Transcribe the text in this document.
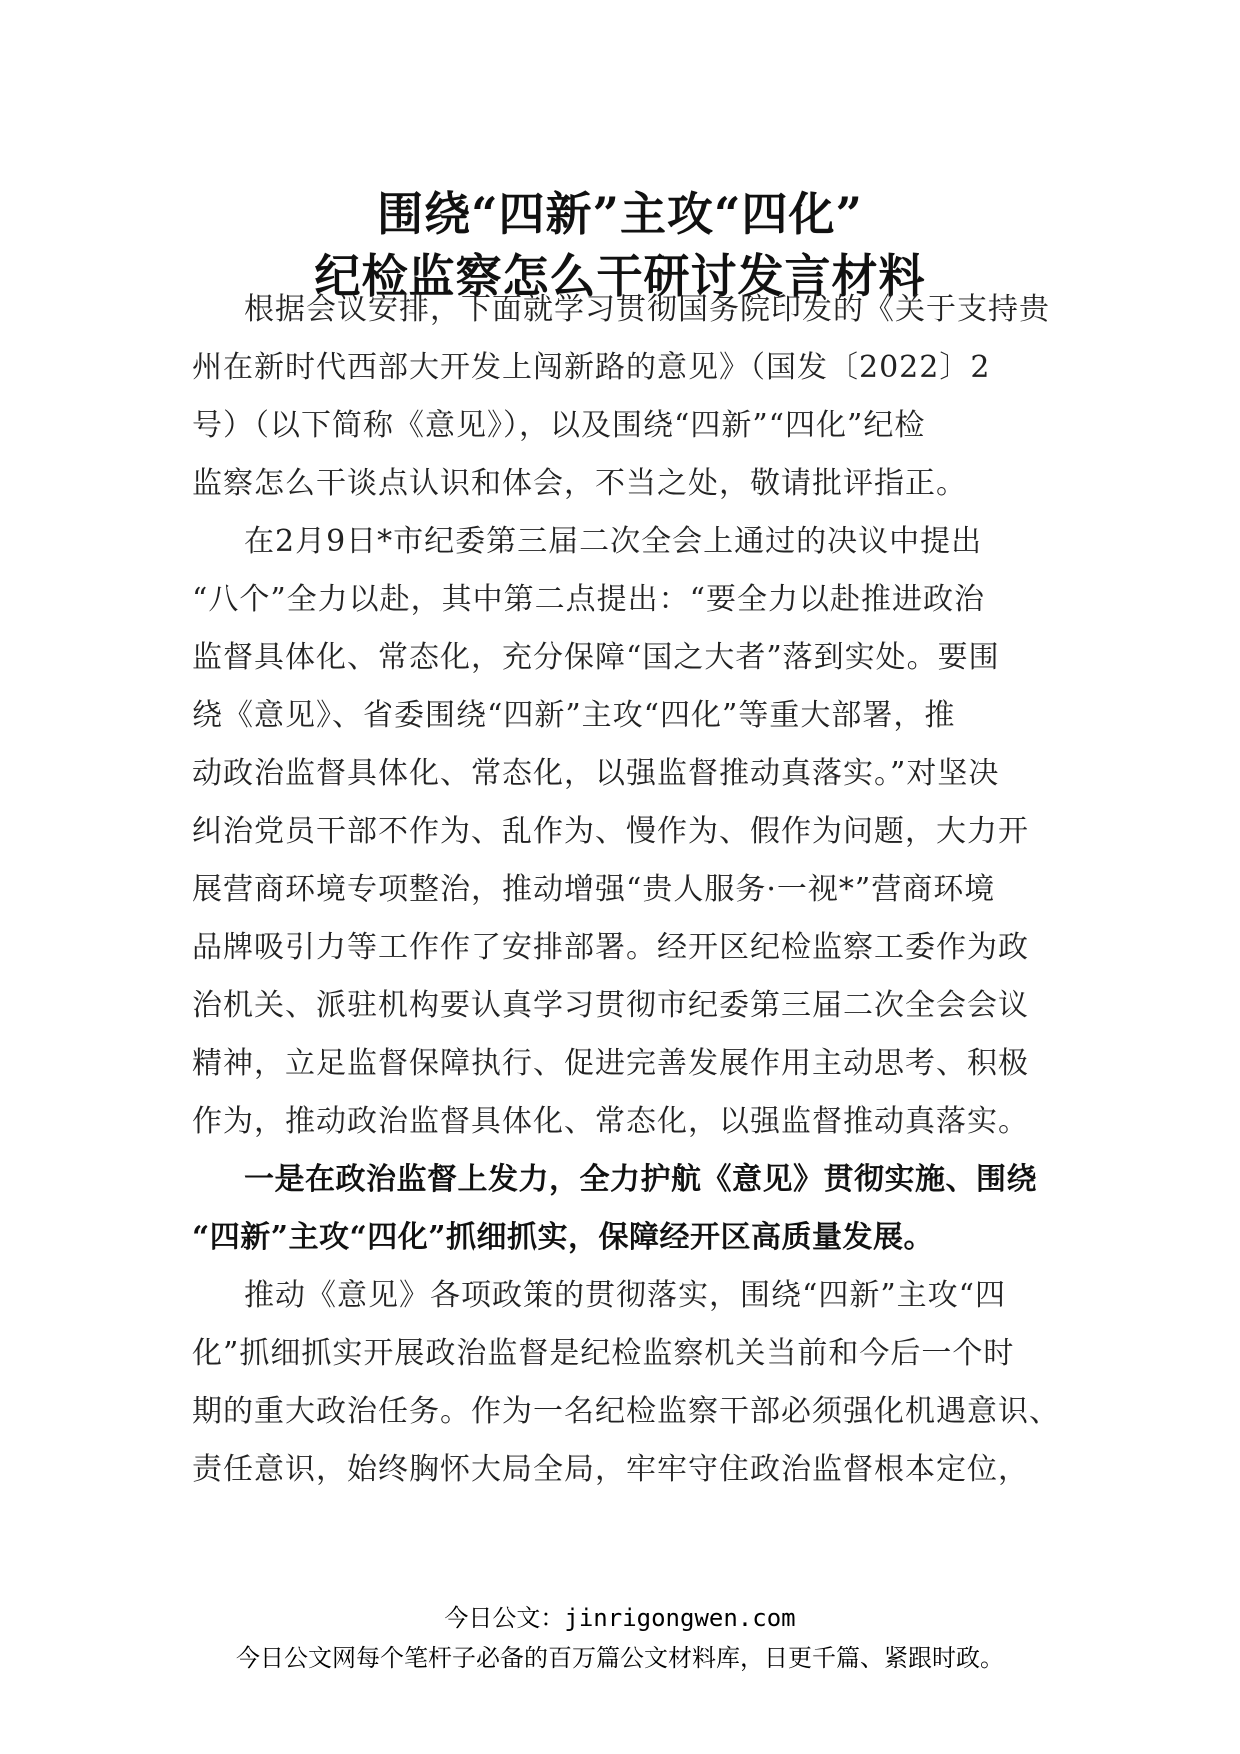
围绕“四新”主攻“四化”
纪检监察怎么干研讨发言材料
根据会议安排，下面就学习贯彻国务院印发的《关于支持贵
州在新时代西部大开发上闯新路的意见》（国发〔2022〕2
号）（以下简称《意见》），以及围绕“四新”“四化”纪检
监察怎么干谈点认识和体会，不当之处，敬请批评指正。
在2月9日*市纪委第三届二次全会上通过的决议中提出
“八个”全力以赴，其中第二点提出：“要全力以赴推进政治
监督具体化、常态化，充分保障“国之大者”落到实处。要围
绕《意见》、省委围绕“四新”主攻“四化”等重大部署，推
动政治监督具体化、常态化，以强监督推动真落实。”对坚决
纠治党员干部不作为、乱作为、慢作为、假作为问题，大力开
展营商环境专项整治，推动增强“贵人服务·一视*”营商环境
品牌吸引力等工作作了安排部署。经开区纪检监察工委作为政
治机关、派驻机构要认真学习贯彻市纪委第三届二次全会会议
精神，立足监督保障执行、促进完善发展作用主动思考、积极
作为，推动政治监督具体化、常态化，以强监督推动真落实。
一是在政治监督上发力，全力护航《意见》贯彻实施、围绕
“四新”主攻“四化”抓细抓实，保障经开区高质量发展。
推动《意见》各项政策的贯彻落实，围绕“四新”主攻“四
化”抓细抓实开展政治监督是纪检监察机关当前和今后一个时
期的重大政治任务。作为一名纪检监察干部必须强化机遇意识、
责任意识，始终胸怀大局全局，牢牢守住政治监督根本定位，
今日公文：jinrigongwen.com
今日公文网每个笔杆子必备的百万篇公文材料库，日更千篇、紧跟时政。
